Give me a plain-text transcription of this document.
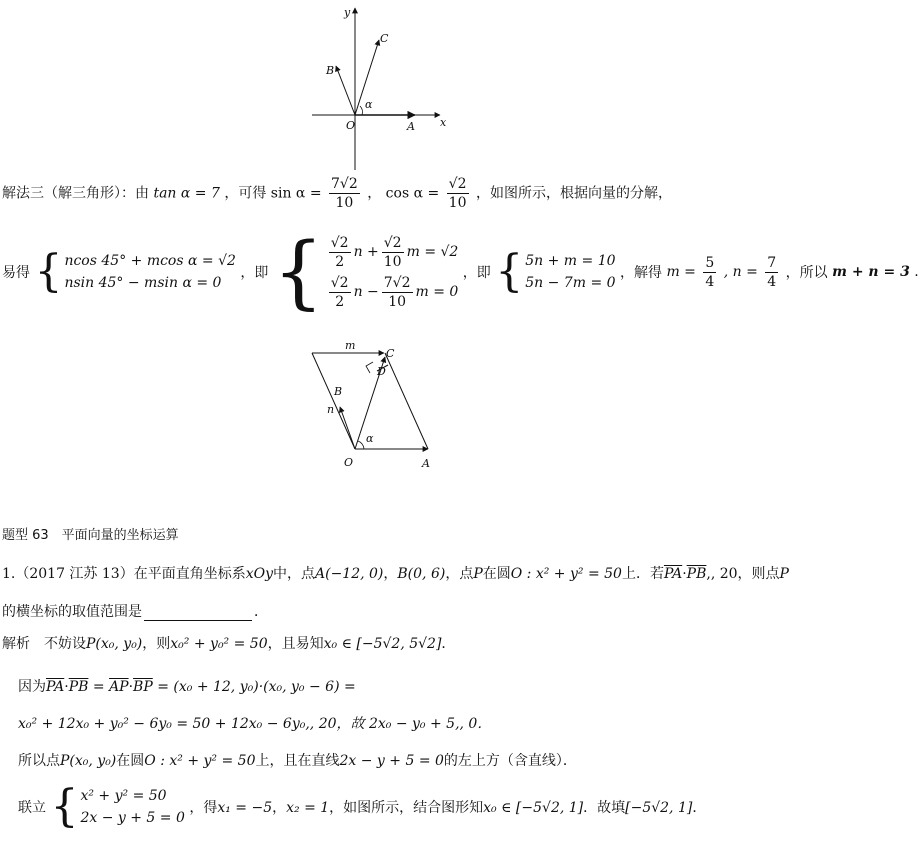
y
C
B
α
O	A x
解法三（解三角形）：由 tan α = 7 ，可得 $\sin \alpha = \frac{7√2}{10}$ ， $\cos \alpha = \frac{√2}{10}$ ，如图所示，根据向量的分解，
易得 { ncos 45° + mcos α = √2
nsin 45° − msin α = 0
，即 { $\frac{√2}{2}$ $n + \frac{√2}{10}$ m = √2
$\frac{√2}{2}$ $n - \frac{7√2}{10}$ m = 0
，即 { 5n + m = 10
5n − 7m = 0
，解得 $m = \frac{5}{4}$ , $n = \frac{7}{4}$ ，所以 m + n = 3 .
m
C
D
B
n
α
O	A
题型 63　平面向量的坐标运算
1.（2017 江苏 13）在平面直角坐标系xOy中，点A(−12, 0)，B(0, 6)，点P在圆O : x² + y² = 50上．若$\overline{PA}\cdot\overline{PB}$,, 20，则点P
的横坐标的取值范围是	．
解析　不妨设P(x₀, y₀)，则x₀² + y₀² = 50，且易知x₀ ∈ [−5√2, 5√2]．
因为$\overline{PA}\cdot\overline{PB} = \overline{AP}\cdot\overline{BP} = (x_0 + 12$, y₀)·(x₀, y₀ − 6) =
x₀² + 12x₀ + y₀² − 6y₀ = 50 + 12x₀ − 6y₀,, 20，故 2x₀ − y₀ + 5,, 0．
所以点P(x₀, y₀)在圆O : x² + y² = 50上，且在直线2x − y + 5 = 0的左上方（含直线）．
联立 { x² + y² = 50
2x − y + 5 = 0
，得x₁ = −5，x₂ = 1，如图所示，结合图形知x₀ ∈ [−5√2, 1]．故填[−5√2, 1]．
